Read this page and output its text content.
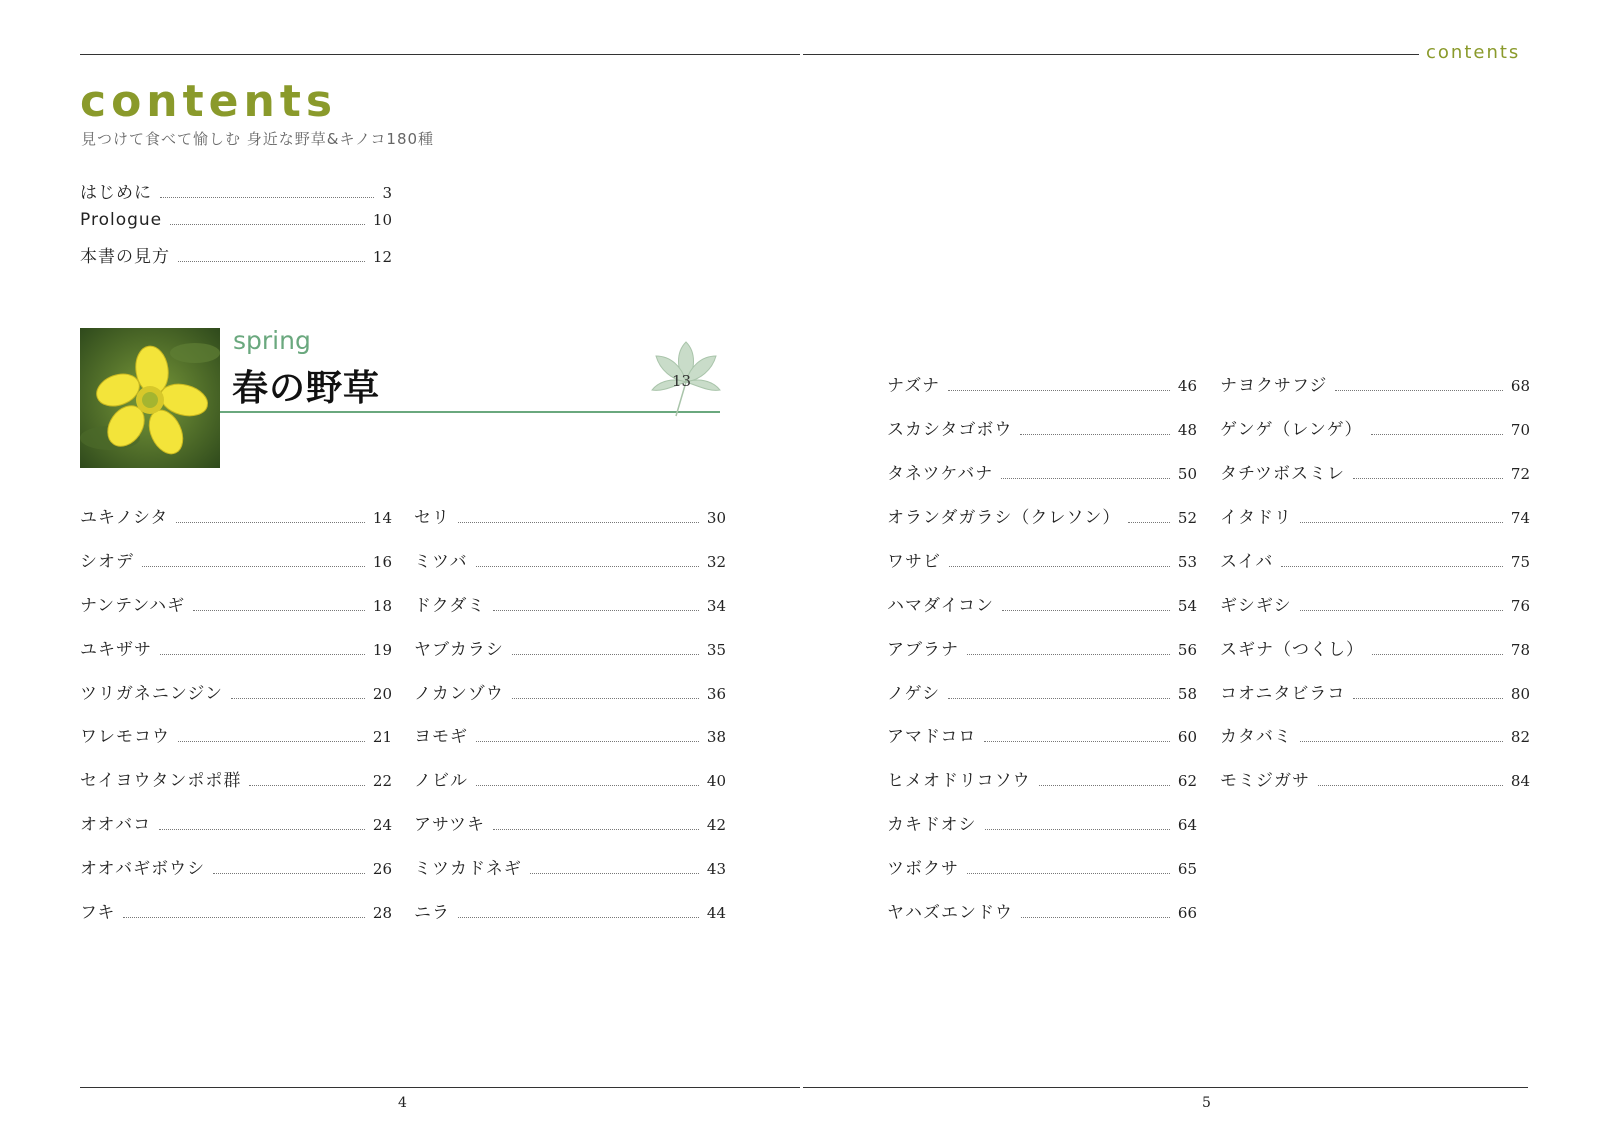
contents
contents
見つけて食べて愉しむ 身近な野草&キノコ180種
はじめに	3
Prologue	10
本書の見方	12
spring
春の野草	13
ユキノシタ	14
シオデ	16
ナンテンハギ	18
ユキザサ	19
ツリガネニンジン	20
ワレモコウ	21
セイヨウタンポポ群	22
オオバコ	24
オオバギボウシ	26
フキ	28
セリ	30
ミツバ	32
ドクダミ	34
ヤブカラシ	35
ノカンゾウ	36
ヨモギ	38
ノビル	40
アサツキ	42
ミツカドネギ	43
ニラ	44
ナズナ	46
スカシタゴボウ	48
タネツケバナ	50
オランダガラシ（クレソン）	52
ワサビ	53
ハマダイコン	54
アブラナ	56
ノゲシ	58
アマドコロ	60
ヒメオドリコソウ	62
カキドオシ	64
ツボクサ	65
ヤハズエンドウ	66
ナヨクサフジ	68
ゲンゲ（レンゲ）	70
タチツボスミレ	72
イタドリ	74
スイバ	75
ギシギシ	76
スギナ（つくし）	78
コオニタビラコ	80
カタバミ	82
モミジガサ	84
4	5
